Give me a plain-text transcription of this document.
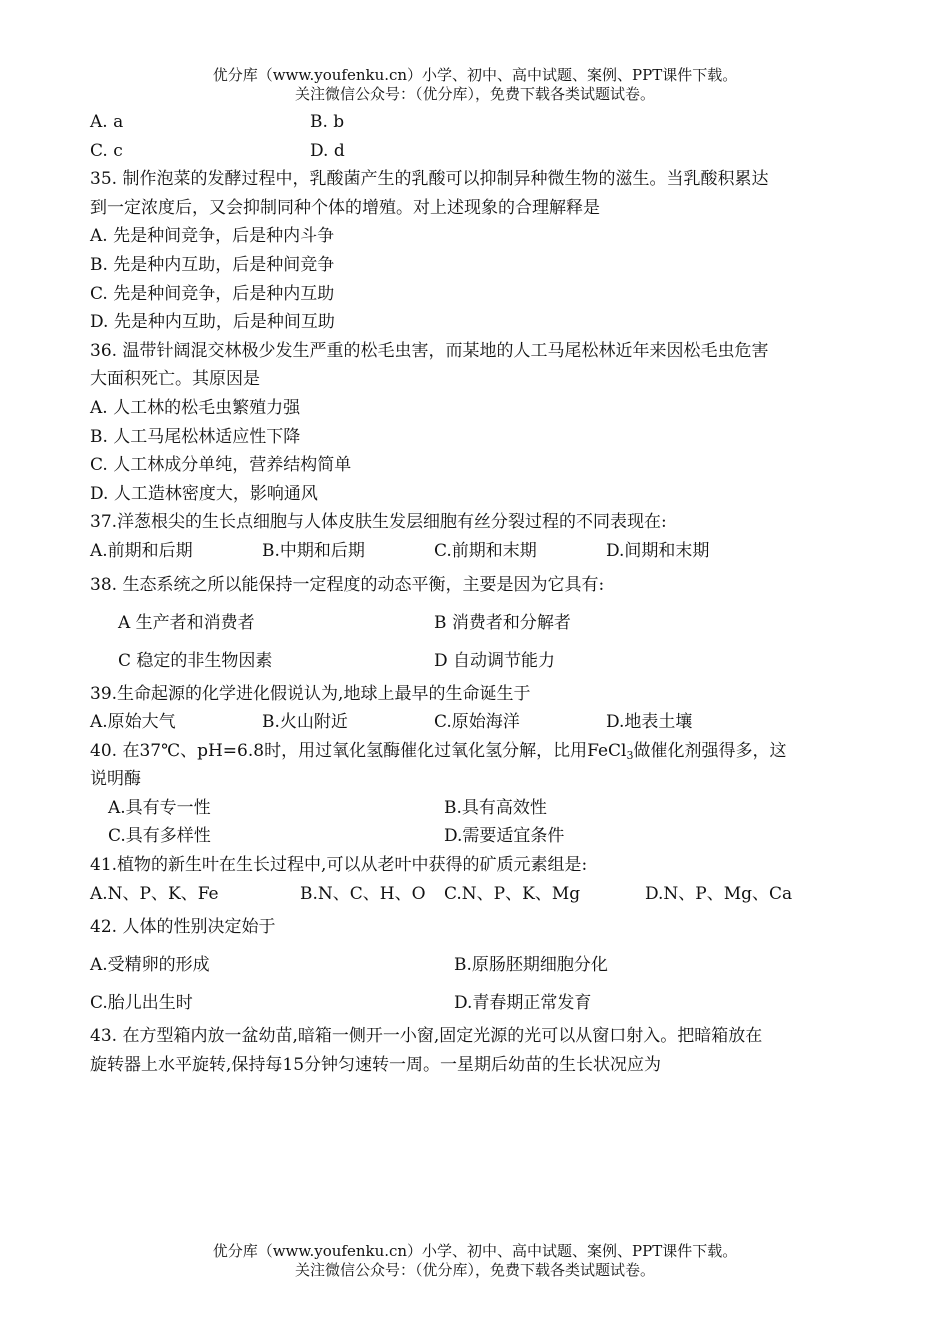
优分库（www.youfenku.cn）小学、初中、高中试题、案例、PPT课件下载。
关注微信公众号：（优分库），免费下载各类试题试卷。
A. a	B. b
C. c	D. d
35. 制作泡菜的发酵过程中，乳酸菌产生的乳酸可以抑制异种微生物的滋生。当乳酸积累达
到一定浓度后，又会抑制同种个体的增殖。对上述现象的合理解释是
A. 先是种间竞争，后是种内斗争
B. 先是种内互助，后是种间竞争
C. 先是种间竞争，后是种内互助
D. 先是种内互助，后是种间互助
36. 温带针阔混交林极少发生严重的松毛虫害，而某地的人工马尾松林近年来因松毛虫危害
大面积死亡。其原因是
A. 人工林的松毛虫繁殖力强
B. 人工马尾松林适应性下降
C. 人工林成分单纯，营养结构简单
D. 人工造林密度大，影响通风
37.洋葱根尖的生长点细胞与人体皮肤生发层细胞有丝分裂过程的不同表现在:
A.前期和后期	B.中期和后期	C.前期和末期	D.间期和末期
38. 生态系统之所以能保持一定程度的动态平衡，主要是因为它具有:
A 生产者和消费者	B 消费者和分解者
C 稳定的非生物因素	D 自动调节能力
39.生命起源的化学进化假说认为,地球上最早的生命诞生于
A.原始大气	B.火山附近	C.原始海洋	D.地表土壤
40. 在37℃、pH=6.8时，用过氧化氢酶催化过氧化氢分解，比用FeCl$_3$做催化剂强得多，这
说明酶
A.具有专一性	B.具有高效性
C.具有多样性	D.需要适宜条件
41.植物的新生叶在生长过程中,可以从老叶中获得的矿质元素组是:
A.N、P、K、Fe	B.N、C、H、O C.N、P、K、Mg	D.N、P、Mg、Ca
42. 人体的性别决定始于
A.受精卵的形成	B.原肠胚期细胞分化
C.胎儿出生时	D.青春期正常发育
43. 在方型箱内放一盆幼苗,暗箱一侧开一小窗,固定光源的光可以从窗口射入。把暗箱放在
旋转器上水平旋转,保持每15分钟匀速转一周。一星期后幼苗的生长状况应为
优分库（www.youfenku.cn）小学、初中、高中试题、案例、PPT课件下载。
关注微信公众号：（优分库），免费下载各类试题试卷。
